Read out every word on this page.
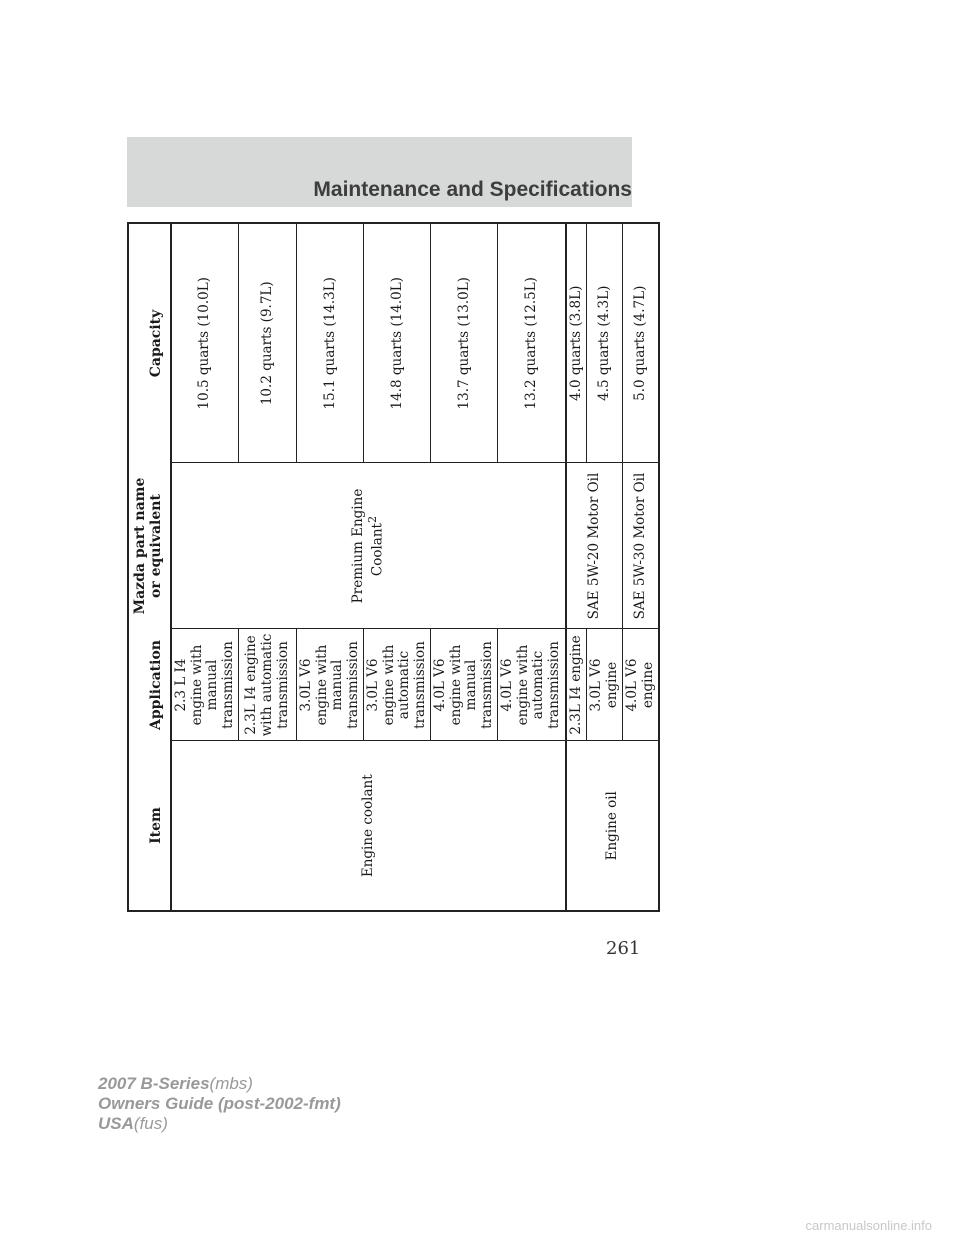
Maintenance and Specifications
Item	Application	Mazda part name or equivalent	Capacity
Engine coolant	2.3 L I4 engine with manual transmission	Premium Engine Coolant$^2$	10.5 quarts (10.0L)
	2.3L I4 engine with automatic transmission		10.2 quarts (9.7L)
	3.0L V6 engine with manual transmission		15.1 quarts (14.3L)
	3.0L V6 engine with automatic transmission		14.8 quarts (14.0L)
	4.0L V6 engine with manual transmission		13.7 quarts (13.0L)
	4.0L V6 engine with automatic transmission		13.2 quarts (12.5L)
Engine oil	2.3L I4 engine	SAE 5W-20 Motor Oil	4.0 quarts (3.8L)
	3.0L V6 engine		4.5 quarts (4.3L)
	4.0L V6 engine	SAE 5W-30 Motor Oil	5.0 quarts (4.7L)
261
2007 B-Series(mbs)
Owners Guide (post-2002-fmt)
USA(fus)
carmanualsonline.info
